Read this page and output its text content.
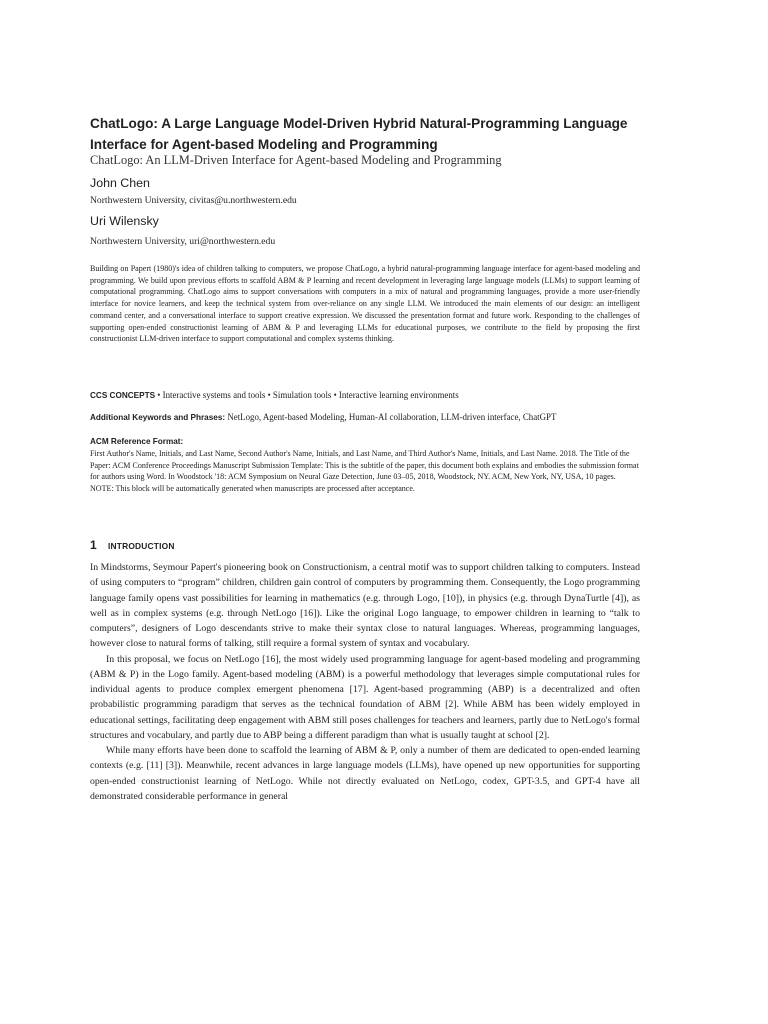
ChatLogo: A Large Language Model-Driven Hybrid Natural-Programming Language Interface for Agent-based Modeling and Programming

ChatLogo: An LLM-Driven Interface for Agent-based Modeling and Programming

John Chen

Northwestern University, civitas@u.northwestern.edu

Uri Wilensky

Northwestern University, uri@northwestern.edu

Building on Papert (1980)'s idea of children talking to computers, we propose ChatLogo, a hybrid natural-programming language interface for agent-based modeling and programming. We build upon previous efforts to scaffold ABM & P learning and recent development in leveraging large language models (LLMs) to support learning of computational programming. ChatLogo aims to support conversations with computers in a mix of natural and programming languages, provide a more user-friendly interface for novice learners, and keep the technical system from over-reliance on any single LLM. We introduced the main elements of our design: an intelligent command center, and a conversational interface to support creative expression. We discussed the presentation format and future work. Responding to the challenges of supporting open-ended constructionist learning of ABM & P and leveraging LLMs for educational purposes, we contribute to the field by proposing the first constructionist LLM-driven interface to support computational and complex systems thinking.

CCS CONCEPTS • Interactive systems and tools • Simulation tools • Interactive learning environments

Additional Keywords and Phrases: NetLogo, Agent-based Modeling, Human-AI collaboration, LLM-driven interface, ChatGPT

ACM Reference Format:

First Author's Name, Initials, and Last Name, Second Author's Name, Initials, and Last Name, and Third Author's Name, Initials, and Last Name. 2018. The Title of the Paper: ACM Conference Proceedings Manuscript Submission Template: This is the subtitle of the paper, this document both explains and embodies the submission format for authors using Word. In Woodstock '18: ACM Symposium on Neural Gaze Detection, June 03–05, 2018, Woodstock, NY. ACM, New York, NY, USA, 10 pages. NOTE: This block will be automatically generated when manuscripts are processed after acceptance.

1 INTRODUCTION

In Mindstorms, Seymour Papert's pioneering book on Constructionism, a central motif was to support children talking to computers. Instead of using computers to “program” children, children gain control of computers by programming them. Consequently, the Logo programming language family opens vast possibilities for learning in mathematics (e.g. through Logo, [10]), in physics (e.g. through DynaTurtle [4]), as well as in complex systems (e.g. through NetLogo [16]). Like the original Logo language, to empower children in learning to “talk to computers”, designers of Logo descendants strive to make their syntax close to natural languages. Whereas, programming languages, however close to natural forms of talking, still require a formal system of syntax and vocabulary.

In this proposal, we focus on NetLogo [16], the most widely used programming language for agent-based modeling and programming (ABM & P) in the Logo family. Agent-based modeling (ABM) is a powerful methodology that leverages simple computational rules for individual agents to produce complex emergent phenomena [17]. Agent-based programming (ABP) is a decentralized and often probabilistic programming paradigm that serves as the technical foundation of ABM [2]. While ABM has been widely employed in educational settings, facilitating deep engagement with ABM still poses challenges for teachers and learners, partly due to NetLogo's formal structures and vocabulary, and partly due to ABP being a different paradigm than what is usually taught at school [2].

While many efforts have been done to scaffold the learning of ABM & P, only a number of them are dedicated to open-ended learning contexts (e.g. [11] [3]). Meanwhile, recent advances in large language models (LLMs), have opened up new opportunities for supporting open-ended constructionist learning of NetLogo. While not directly evaluated on NetLogo, codex, GPT-3.5, and GPT-4 have all demonstrated considerable performance in general
